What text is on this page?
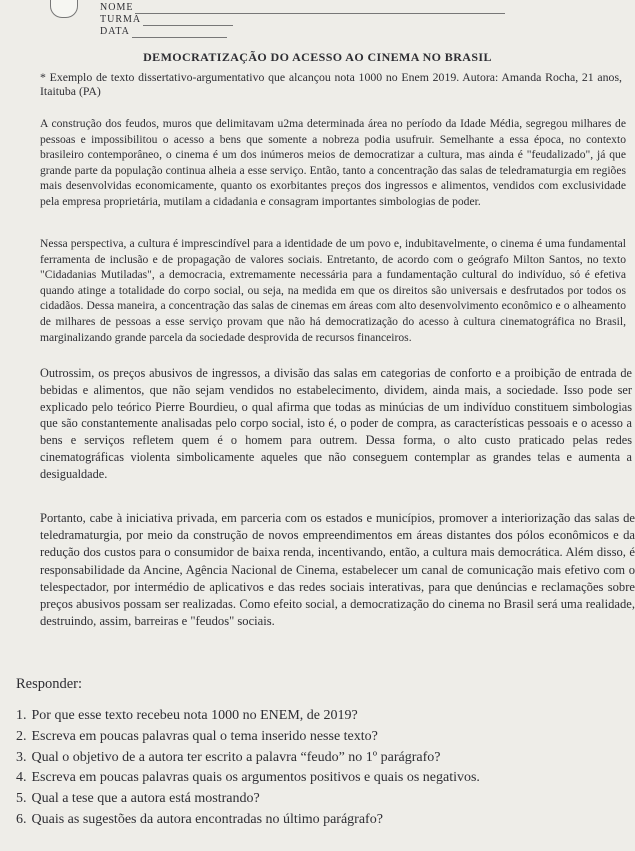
NOME
TURMA
DATA
DEMOCRATIZAÇÃO DO ACESSO AO CINEMA NO BRASIL
* Exemplo de texto dissertativo-argumentativo que alcançou nota 1000 no Enem 2019. Autora: Amanda Rocha, 21 anos, Itaituba (PA)
A construção dos feudos, muros que delimitavam u2ma determinada área no período da Idade Média, segregou milhares de pessoas e impossibilitou o acesso a bens que somente a nobreza podia usufruir. Semelhante a essa época, no contexto brasileiro contemporâneo, o cinema é um dos inúmeros meios de democratizar a cultura, mas ainda é "feudalizado", já que grande parte da população continua alheia a esse serviço. Então, tanto a concentração das salas de teledramaturgia em regiões mais desenvolvidas economicamente, quanto os exorbitantes preços dos ingressos e alimentos, vendidos com exclusividade pela empresa proprietária, mutilam a cidadania e consagram importantes simbologias de poder.
Nessa perspectiva, a cultura é imprescindível para a identidade de um povo e, indubitavelmente, o cinema é uma fundamental ferramenta de inclusão e de propagação de valores sociais. Entretanto, de acordo com o geógrafo Milton Santos, no texto "Cidadanias Mutiladas", a democracia, extremamente necessária para a fundamentação cultural do indivíduo, só é efetiva quando atinge a totalidade do corpo social, ou seja, na medida em que os direitos são universais e desfrutados por todos os cidadãos. Dessa maneira, a concentração das salas de cinemas em áreas com alto desenvolvimento econômico e o alheamento de milhares de pessoas a esse serviço provam que não há democratização do acesso à cultura cinematográfica no Brasil, marginalizando grande parcela da sociedade desprovida de recursos financeiros.
Outrossim, os preços abusivos de ingressos, a divisão das salas em categorias de conforto e a proibição de entrada de bebidas e alimentos, que não sejam vendidos no estabelecimento, dividem, ainda mais, a sociedade. Isso pode ser explicado pelo teórico Pierre Bourdieu, o qual afirma que todas as minúcias de um indivíduo constituem simbologias que são constantemente analisadas pelo corpo social, isto é, o poder de compra, as características pessoais e o acesso a bens e serviços refletem quem é o homem para outrem. Dessa forma, o alto custo praticado pelas redes cinematográficas violenta simbolicamente aqueles que não conseguem contemplar as grandes telas e aumenta a desigualdade.
Portanto, cabe à iniciativa privada, em parceria com os estados e municípios, promover a interiorização das salas de teledramaturgia, por meio da construção de novos empreendimentos em áreas distantes dos pólos econômicos e da redução dos custos para o consumidor de baixa renda, incentivando, então, a cultura mais democrática. Além disso, é responsabilidade da Ancine, Agência Nacional de Cinema, estabelecer um canal de comunicação mais efetivo com o telespectador, por intermédio de aplicativos e das redes sociais interativas, para que denúncias e reclamações sobre preços abusivos possam ser realizadas. Como efeito social, a democratização do cinema no Brasil será uma realidade, destruindo, assim, barreiras e "feudos" sociais.
Responder:
1. Por que esse texto recebeu nota 1000 no ENEM, de 2019?
2. Escreva em poucas palavras qual o tema inserido nesse texto?
3. Qual o objetivo de a autora ter escrito a palavra “feudo” no 1º parágrafo?
4. Escreva em poucas palavras quais os argumentos positivos e quais os negativos.
5. Qual a tese que a autora está mostrando?
6. Quais as sugestões da autora encontradas no último parágrafo?
